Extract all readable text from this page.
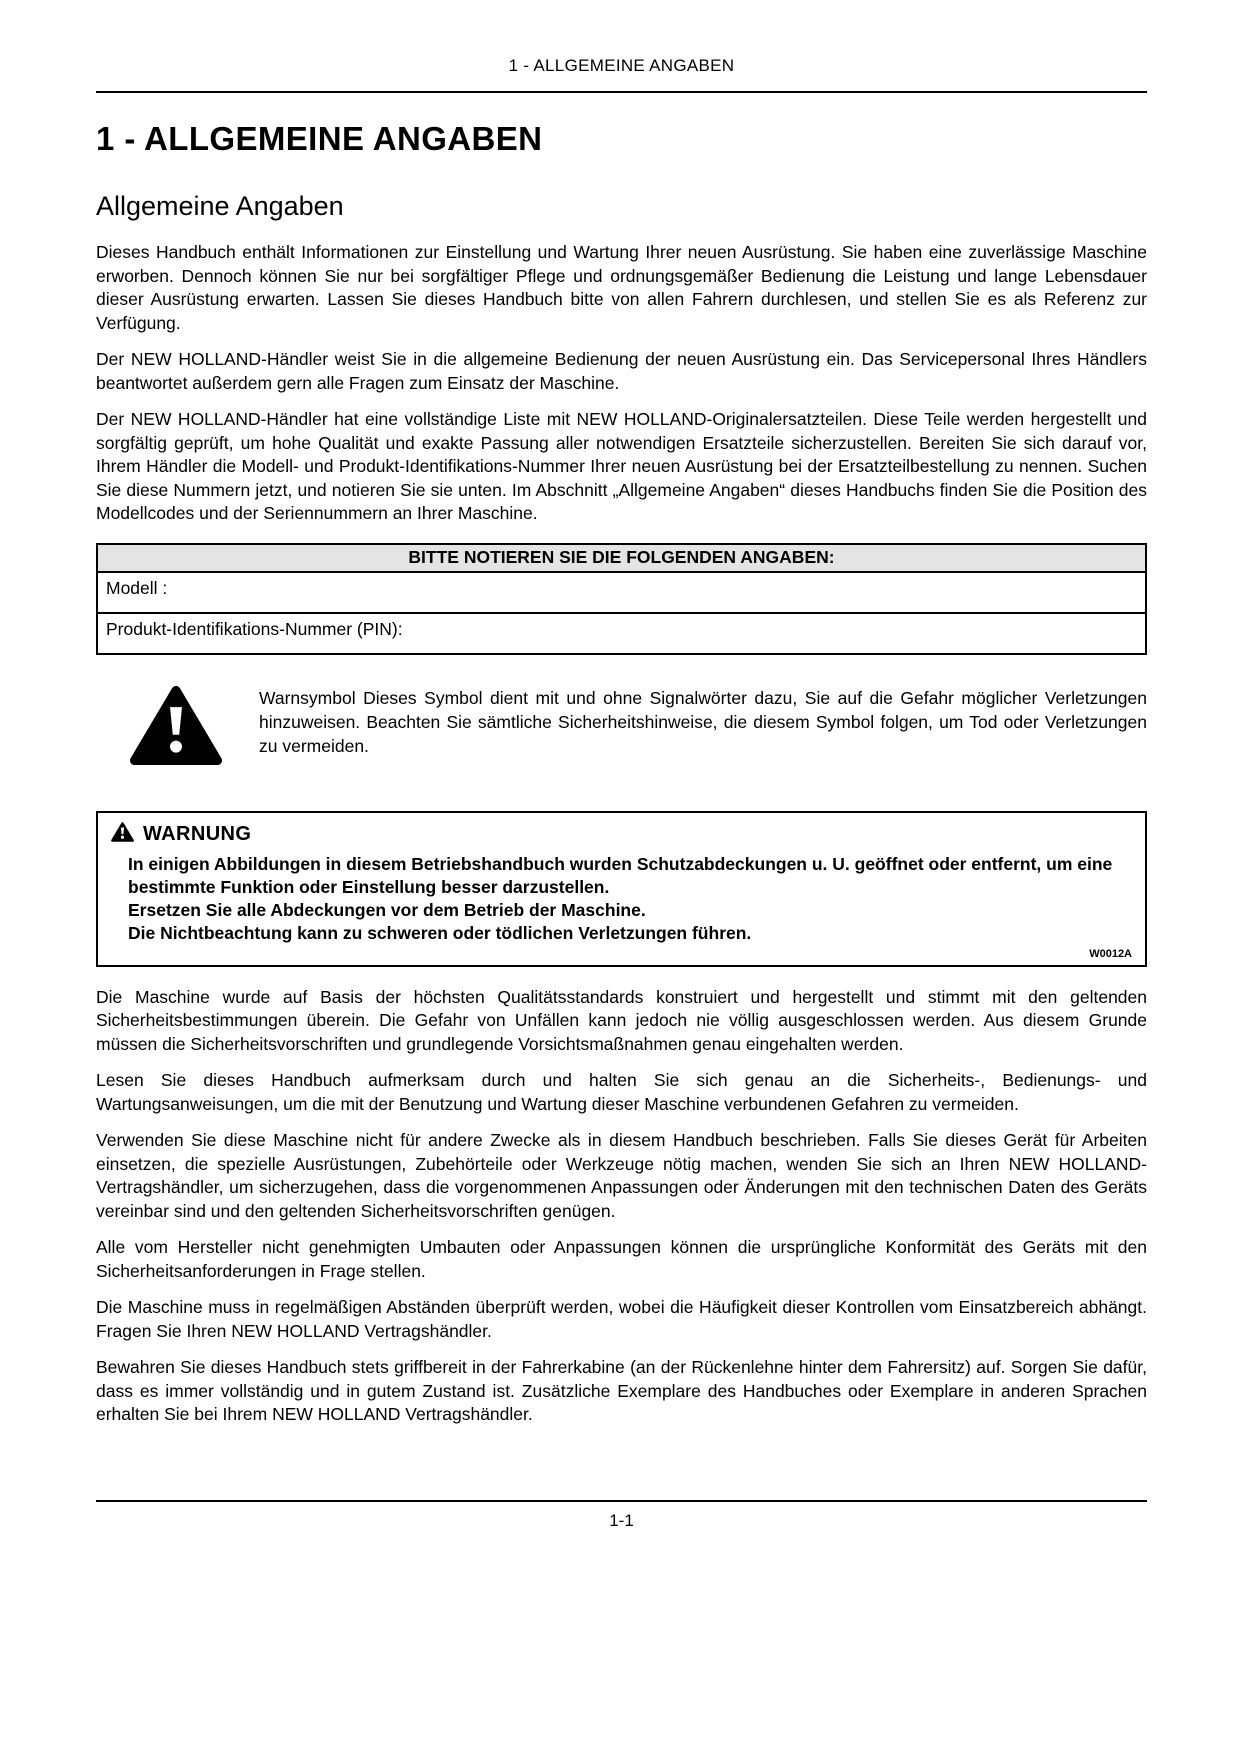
1 - ALLGEMEINE ANGABEN
1 - ALLGEMEINE ANGABEN
Allgemeine Angaben

Dieses Handbuch enthält Informationen zur Einstellung und Wartung Ihrer neuen Ausrüstung. Sie haben eine zuverlässige Maschine erworben. Dennoch können Sie nur bei sorgfältiger Pflege und ordnungsgemäßer Bedienung die Leistung und lange Lebensdauer dieser Ausrüstung erwarten. Lassen Sie dieses Handbuch bitte von allen Fahrern durchlesen, und stellen Sie es als Referenz zur Verfügung.

Der NEW HOLLAND-Händler weist Sie in die allgemeine Bedienung der neuen Ausrüstung ein. Das Servicepersonal Ihres Händlers beantwortet außerdem gern alle Fragen zum Einsatz der Maschine.

Der NEW HOLLAND-Händler hat eine vollständige Liste mit NEW HOLLAND-Originalersatzteilen. Diese Teile werden hergestellt und sorgfältig geprüft, um hohe Qualität und exakte Passung aller notwendigen Ersatzteile sicherzustellen. Bereiten Sie sich darauf vor, Ihrem Händler die Modell- und Produkt-Identifikations-Nummer Ihrer neuen Ausrüstung bei der Ersatzteilbestellung zu nennen. Suchen Sie diese Nummern jetzt, und notieren Sie sie unten. Im Abschnitt „Allgemeine Angaben“ dieses Handbuchs finden Sie die Position des Modellcodes und der Seriennummern an Ihrer Maschine.

BITTE NOTIEREN SIE DIE FOLGENDEN ANGABEN:
Modell :
Produkt-Identifikations-Nummer (PIN):

Warnsymbol Dieses Symbol dient mit und ohne Signalwörter dazu, Sie auf die Gefahr möglicher Verletzungen hinzuweisen. Beachten Sie sämtliche Sicherheitshinweise, die diesem Symbol folgen, um Tod oder Verletzungen zu vermeiden.

WARNUNG

In einigen Abbildungen in diesem Betriebshandbuch wurden Schutzabdeckungen u. U. geöffnet oder entfernt, um eine bestimmte Funktion oder Einstellung besser darzustellen.

Ersetzen Sie alle Abdeckungen vor dem Betrieb der Maschine.

Die Nichtbeachtung kann zu schweren oder tödlichen Verletzungen führen.

W0012A

Die Maschine wurde auf Basis der höchsten Qualitätsstandards konstruiert und hergestellt und stimmt mit den geltenden Sicherheitsbestimmungen überein. Die Gefahr von Unfällen kann jedoch nie völlig ausgeschlossen werden. Aus diesem Grunde müssen die Sicherheitsvorschriften und grundlegende Vorsichtsmaßnahmen genau eingehalten werden.

Lesen Sie dieses Handbuch aufmerksam durch und halten Sie sich genau an die Sicherheits-, Bedienungs- und Wartungsanweisungen, um die mit der Benutzung und Wartung dieser Maschine verbundenen Gefahren zu vermeiden.

Verwenden Sie diese Maschine nicht für andere Zwecke als in diesem Handbuch beschrieben. Falls Sie dieses Gerät für Arbeiten einsetzen, die spezielle Ausrüstungen, Zubehörteile oder Werkzeuge nötig machen, wenden Sie sich an Ihren NEW HOLLAND-Vertragshändler, um sicherzugehen, dass die vorgenommenen Anpassungen oder Änderungen mit den technischen Daten des Geräts vereinbar sind und den geltenden Sicherheitsvorschriften genügen.

Alle vom Hersteller nicht genehmigten Umbauten oder Anpassungen können die ursprüngliche Konformität des Geräts mit den Sicherheitsanforderungen in Frage stellen.

Die Maschine muss in regelmäßigen Abständen überprüft werden, wobei die Häufigkeit dieser Kontrollen vom Einsatzbereich abhängt. Fragen Sie Ihren NEW HOLLAND Vertragshändler.

Bewahren Sie dieses Handbuch stets griffbereit in der Fahrerkabine (an der Rückenlehne hinter dem Fahrersitz) auf. Sorgen Sie dafür, dass es immer vollständig und in gutem Zustand ist. Zusätzliche Exemplare des Handbuches oder Exemplare in anderen Sprachen erhalten Sie bei Ihrem NEW HOLLAND Vertragshändler.

1-1
